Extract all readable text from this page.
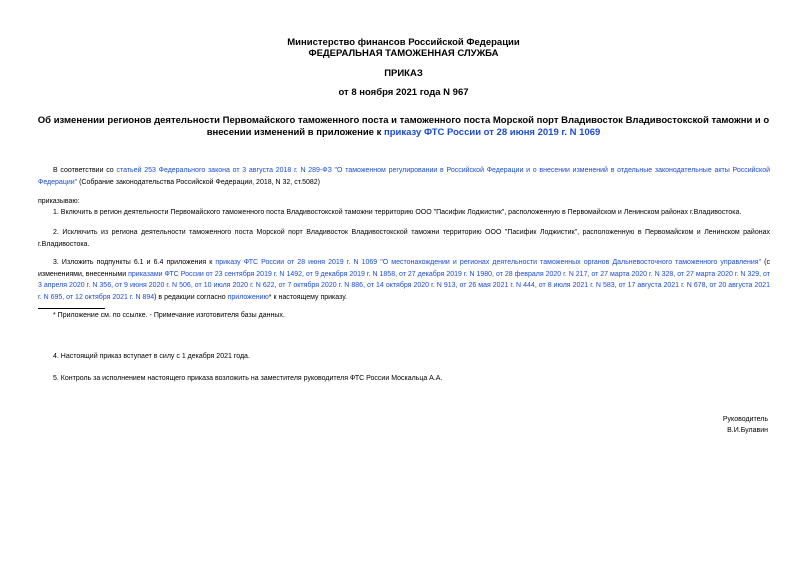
Министерство финансов Российской Федерации
ФЕДЕРАЛЬНАЯ ТАМОЖЕННАЯ СЛУЖБА
ПРИКАЗ
от 8 ноября 2021 года N 967
Об изменении регионов деятельности Первомайского таможенного поста и таможенного поста Морской порт Владивосток Владивостокской таможни и о внесении изменений в приложение к приказу ФТС России от 28 июня 2019 г. N 1069
В соответствии со статьей 253 Федерального закона от 3 августа 2018 г. N 289-ФЗ "О таможенном регулировании в Российской Федерации и о внесении изменений в отдельные законодательные акты Российской Федерации" (Собрание законодательства Российской Федерации, 2018, N 32, ст.5082)
приказываю:
1. Включить в регион деятельности Первомайского таможенного поста Владивостокской таможни территорию ООО "Пасифик Лоджистик", расположенную в Первомайском и Ленинском районах г.Владивостока.
2. Исключить из региона деятельности таможенного поста Морской порт Владивосток Владивостокской таможни территорию ООО "Пасифик Лоджистик", расположенную в Первомайском и Ленинском районах г.Владивостока.
3. Изложить подпункты 6.1 и 6.4 приложения к приказу ФТС России от 28 июня 2019 г. N 1069 "О местонахождении и регионах деятельности таможенных органов Дальневосточного таможенного управления" (с изменениями, внесенными приказами ФТС России от 23 сентября 2019 г. N 1492, от 9 декабря 2019 г. N 1858, от 27 декабря 2019 г. N 1980, от 28 февраля 2020 г. N 217, от 27 марта 2020 г. N 328, от 27 марта 2020 г. N 329, от 3 апреля 2020 г. N 356, от 9 июня 2020 г. N 506, от 10 июля 2020 г. N 622, от 7 октября 2020 г. N 886, от 14 октября 2020 г. N 913, от 26 мая 2021 г. N 444, от 8 июля 2021 г. N 583, от 17 августа 2021 г. N 678, от 20 августа 2021 г. N 695, от 12 октября 2021 г. N 894) в редакции согласно приложению* к настоящему приказу.
* Приложение см. по ссылке. - Примечание изготовителя базы данных.
4. Настоящий приказ вступает в силу с 1 декабря 2021 года.
5. Контроль за исполнением настоящего приказа возложить на заместителя руководителя ФТС России Москальца А.А.
Руководитель
В.И.Булавин
